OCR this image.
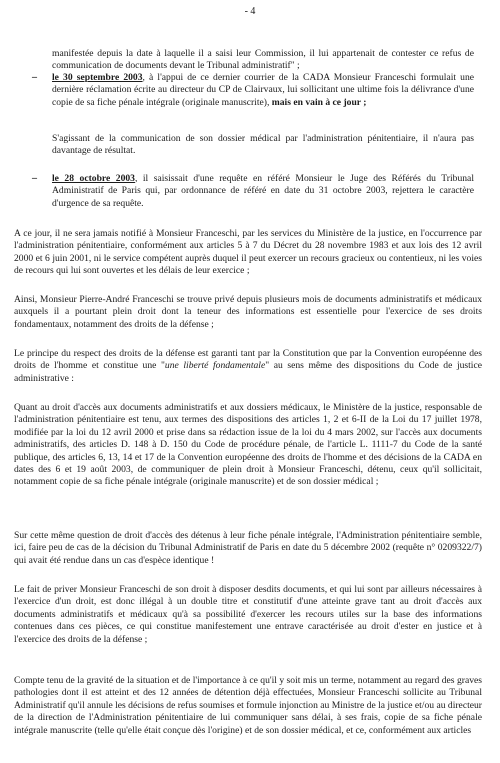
- 4

manifestée depuis la date à laquelle il a saisi leur Commission, il lui appartenait de contester ce refus de communication de documents devant le Tribunal administratif" ;

– le 30 septembre 2003, à l'appui de ce dernier courrier de la CADA Monsieur Franceschi formulait une dernière réclamation écrite au directeur du CP de Clairvaux, lui sollicitant une ultime fois la délivrance d'une copie de sa fiche pénale intégrale (originale manuscrite), mais en vain à ce jour ;

S'agissant de la communication de son dossier médical par l'administration pénitentiaire, il n'aura pas davantage de résultat.

– le 28 octobre 2003, il saisissait d'une requête en référé Monsieur le Juge des Référés du Tribunal Administratif de Paris qui, par ordonnance de référé en date du 31 octobre 2003, rejettera le caractère d'urgence de sa requête.

A ce jour, il ne sera jamais notifié à Monsieur Franceschi, par les services du Ministère de la justice, en l'occurrence par l'administration pénitentiaire, conformément aux articles 5 à 7 du Décret du 28 novembre 1983 et aux lois des 12 avril 2000 et 6 juin 2001, ni le service compétent auprès duquel il peut exercer un recours gracieux ou contentieux, ni les voies de recours qui lui sont ouvertes et les délais de leur exercice ;

Ainsi, Monsieur Pierre-André Franceschi se trouve privé depuis plusieurs mois de documents administratifs et médicaux auxquels il a pourtant plein droit dont la teneur des informations est essentielle pour l'exercice de ses droits fondamentaux, notamment des droits de la défense ;

Le principe du respect des droits de la défense est garanti tant par la Constitution que par la Convention européenne des droits de l'homme et constitue une "une liberté fondamentale" au sens même des dispositions du Code de justice administrative :

Quant au droit d'accès aux documents administratifs et aux dossiers médicaux, le Ministère de la justice, responsable de l'administration pénitentiaire est tenu, aux termes des dispositions des articles 1, 2 et 6-II de la Loi du 17 juillet 1978, modifiée par la loi du 12 avril 2000 et prise dans sa rédaction issue de la loi du 4 mars 2002, sur l'accès aux documents administratifs, des articles D. 148 à D. 150 du Code de procédure pénale, de l'article L. 1111-7 du Code de la santé publique, des articles 6, 13, 14 et 17 de la Convention européenne des droits de l'homme et des décisions de la CADA en dates des 6 et 19 août 2003, de communiquer de plein droit à Monsieur Franceschi, détenu, ceux qu'il sollicitait, notamment copie de sa fiche pénale intégrale (originale manuscrite) et de son dossier médical ;

Sur cette même question de droit d'accès des détenus à leur fiche pénale intégrale, l'Administration pénitentiaire semble, ici, faire peu de cas de la décision du Tribunal Administratif de Paris en date du 5 décembre 2002 (requête n° 0209322/7) qui avait été rendue dans un cas d'espèce identique !

Le fait de priver Monsieur Franceschi de son droit à disposer desdits documents, et qui lui sont par ailleurs nécessaires à l'exercice d'un droit, est donc illégal à un double titre et constitutif d'une atteinte grave tant au droit d'accès aux documents administratifs et médicaux qu'à sa possibilité d'exercer les recours utiles sur la base des informations contenues dans ces pièces, ce qui constitue manifestement une entrave caractérisée au droit d'ester en justice et à l'exercice des droits de la défense ;

Compte tenu de la gravité de la situation et de l'importance à ce qu'il y soit mis un terme, notamment au regard des graves pathologies dont il est atteint et des 12 années de détention déjà effectuées, Monsieur Franceschi sollicite au Tribunal Administratif qu'il annule les décisions de refus soumises et formule injonction au Ministre de la justice et/ou au directeur de la direction de l'Administration pénitentiaire de lui communiquer sans délai, à ses frais, copie de sa fiche pénale intégrale manuscrite (telle qu'elle était conçue dès l'origine) et de son dossier médical, et ce, conformément aux articles
